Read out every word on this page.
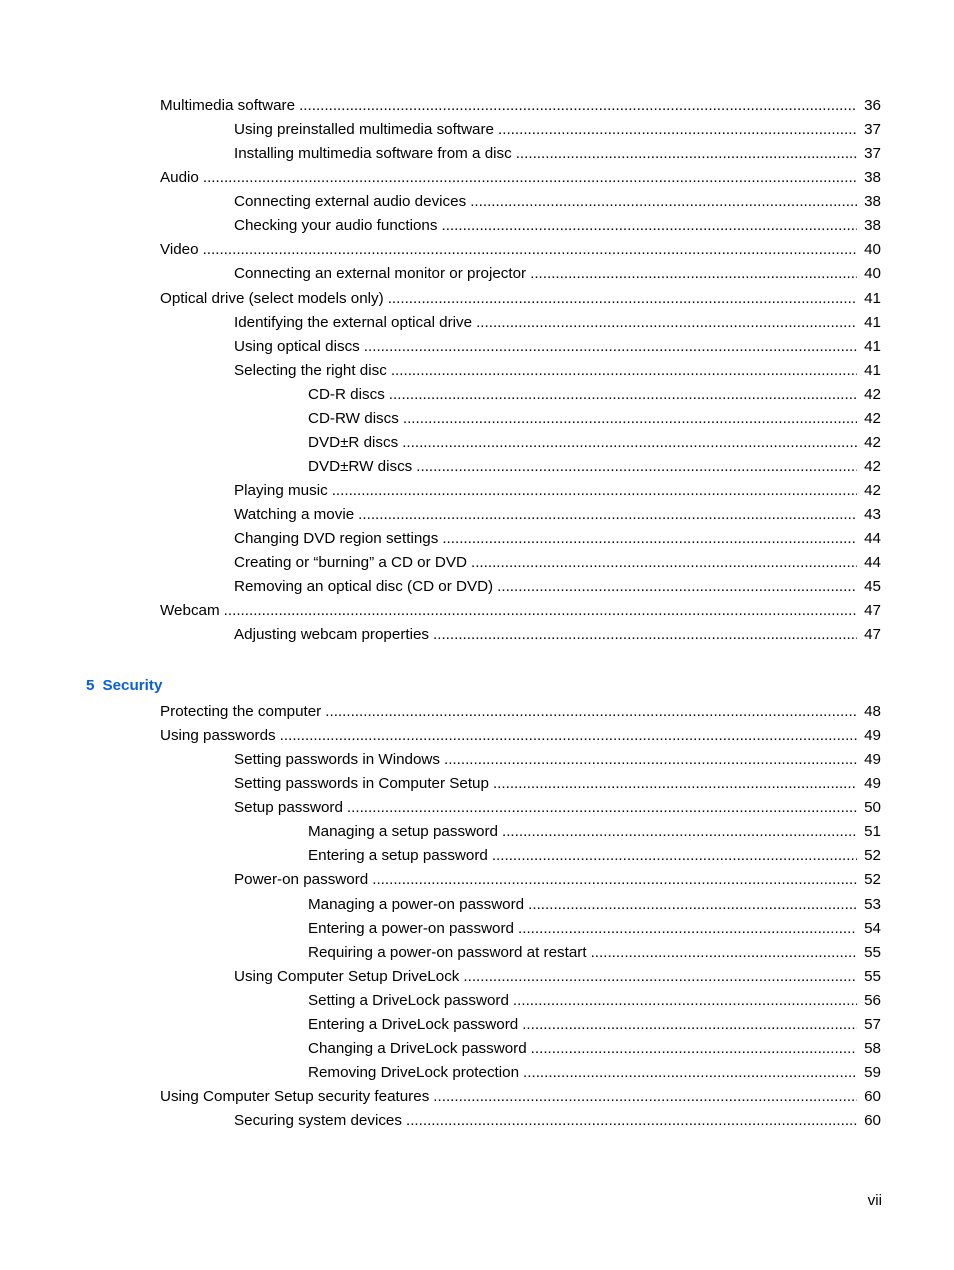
Multimedia software .....	36
Using preinstalled multimedia software .....	37
Installing multimedia software from a disc .....	37
Audio .....	38
Connecting external audio devices .....	38
Checking your audio functions .....	38
Video .....	40
Connecting an external monitor or projector .....	40
Optical drive (select models only) .....	41
Identifying the external optical drive .....	41
Using optical discs .....	41
Selecting the right disc .....	41
CD-R discs .....	42
CD-RW discs .....	42
DVD±R discs .....	42
DVD±RW discs .....	42
Playing music .....	42
Watching a movie .....	43
Changing DVD region settings .....	44
Creating or “burning” a CD or DVD .....	44
Removing an optical disc (CD or DVD) .....	45
Webcam .....	47
Adjusting webcam properties .....	47
5 Security
Protecting the computer .....	48
Using passwords .....	49
Setting passwords in Windows .....	49
Setting passwords in Computer Setup .....	49
Setup password .....	50
Managing a setup password .....	51
Entering a setup password .....	52
Power-on password .....	52
Managing a power-on password .....	53
Entering a power-on password .....	54
Requiring a power-on password at restart .....	55
Using Computer Setup DriveLock .....	55
Setting a DriveLock password .....	56
Entering a DriveLock password .....	57
Changing a DriveLock password .....	58
Removing DriveLock protection .....	59
Using Computer Setup security features .....	60
Securing system devices .....	60
vii
